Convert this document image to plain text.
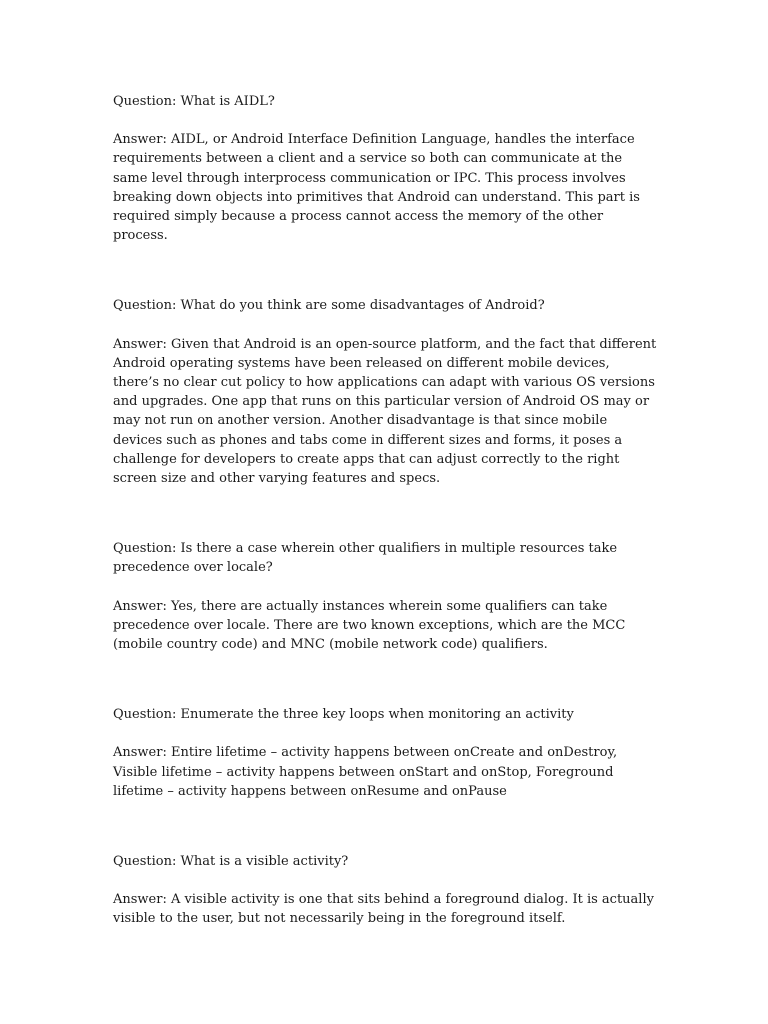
Question: What is AIDL?

Answer: AIDL, or Android Interface Definition Language, handles the interface requirements between a client and a service so both can communicate at the same level through interprocess communication or IPC. This process involves breaking down objects into primitives that Android can understand. This part is required simply because a process cannot access the memory of the other process.

Question: What do you think are some disadvantages of Android?

Answer: Given that Android is an open-source platform, and the fact that different Android operating systems have been released on different mobile devices, there’s no clear cut policy to how applications can adapt with various OS versions and upgrades. One app that runs on this particular version of Android OS may or may not run on another version. Another disadvantage is that since mobile devices such as phones and tabs come in different sizes and forms, it poses a challenge for developers to create apps that can adjust correctly to the right screen size and other varying features and specs.

Question: Is there a case wherein other qualifiers in multiple resources take precedence over locale?

Answer: Yes, there are actually instances wherein some qualifiers can take precedence over locale. There are two known exceptions, which are the MCC (mobile country code) and MNC (mobile network code) qualifiers.

Question: Enumerate the three key loops when monitoring an activity

Answer: Entire lifetime – activity happens between onCreate and onDestroy, Visible lifetime – activity happens between onStart and onStop, Foreground lifetime – activity happens between onResume and onPause

Question: What is a visible activity?

Answer: A visible activity is one that sits behind a foreground dialog. It is actually visible to the user, but not necessarily being in the foreground itself.
